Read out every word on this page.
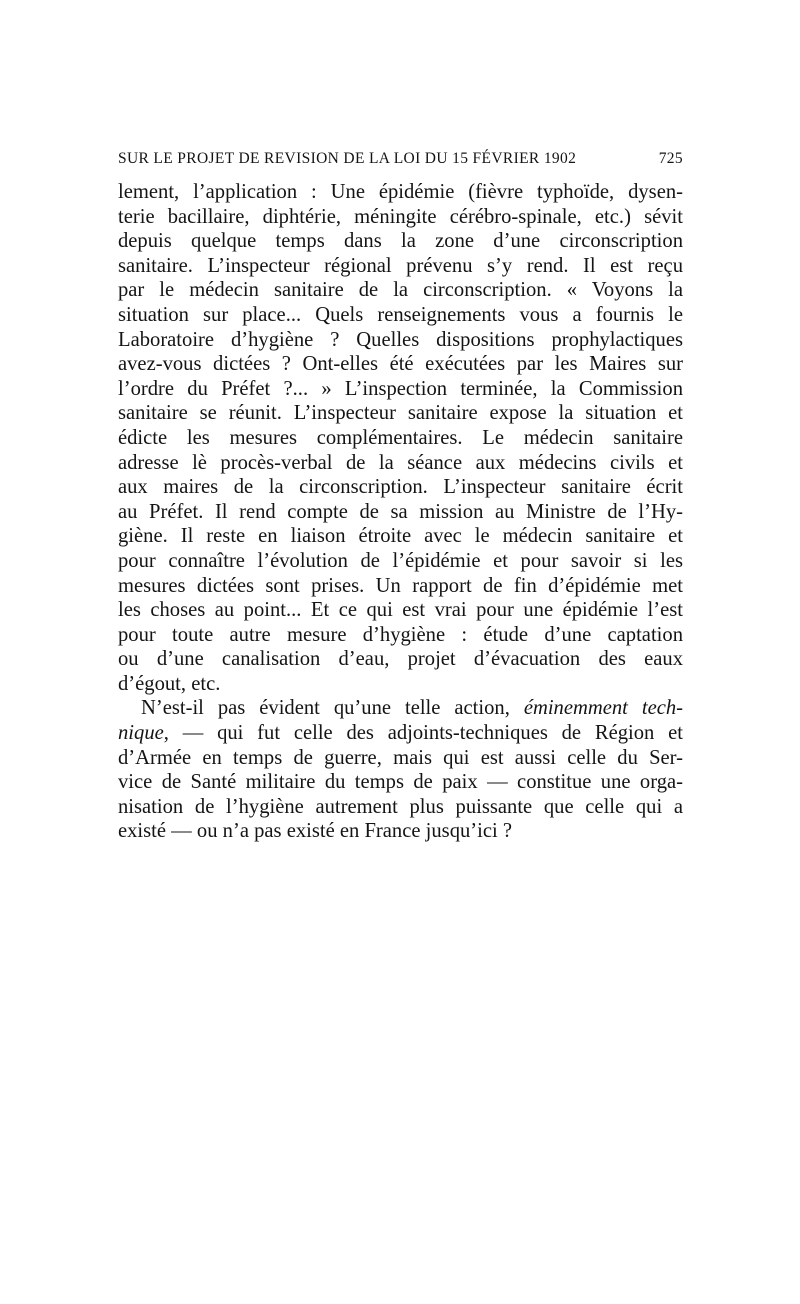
SUR LE PROJET DE REVISION DE LA LOI DU 15 FÉVRIER 1902	725
lement, l’application : Une épidémie (fièvre typhoïde, dysen-
terie bacillaire, diphtérie, méningite cérébro-spinale, etc.) sévit
depuis quelque temps dans la zone d’une circonscription
sanitaire. L’inspecteur régional prévenu s’y rend. Il est reçu
par le médecin sanitaire de la circonscription. « Voyons la
situation sur place... Quels renseignements vous a fournis le
Laboratoire d’hygiène ? Quelles dispositions prophylactiques
avez-vous dictées ? Ont-elles été exécutées par les Maires sur
l’ordre du Préfet ?... » L’inspection terminée, la Commission
sanitaire se réunit. L’inspecteur sanitaire expose la situation et
édicte les mesures complémentaires. Le médecin sanitaire
adresse lè procès-verbal de la séance aux médecins civils et
aux maires de la circonscription. L’inspecteur sanitaire écrit
au Préfet. Il rend compte de sa mission au Ministre de l’Hy-
giène. Il reste en liaison étroite avec le médecin sanitaire et
pour connaître l’évolution de l’épidémie et pour savoir si les
mesures dictées sont prises. Un rapport de fin d’épidémie met
les choses au point... Et ce qui est vrai pour une épidémie l’est
pour toute autre mesure d’hygiène : étude d’une captation
ou d’une canalisation d’eau, projet d’évacuation des eaux
d’égout, etc.
N’est-il pas évident qu’une telle action, éminemment tech-
nique, — qui fut celle des adjoints-techniques de Région et
d’Armée en temps de guerre, mais qui est aussi celle du Ser-
vice de Santé militaire du temps de paix — constitue une orga-
nisation de l’hygiène autrement plus puissante que celle qui a
existé — ou n’a pas existé en France jusqu’ici ?
